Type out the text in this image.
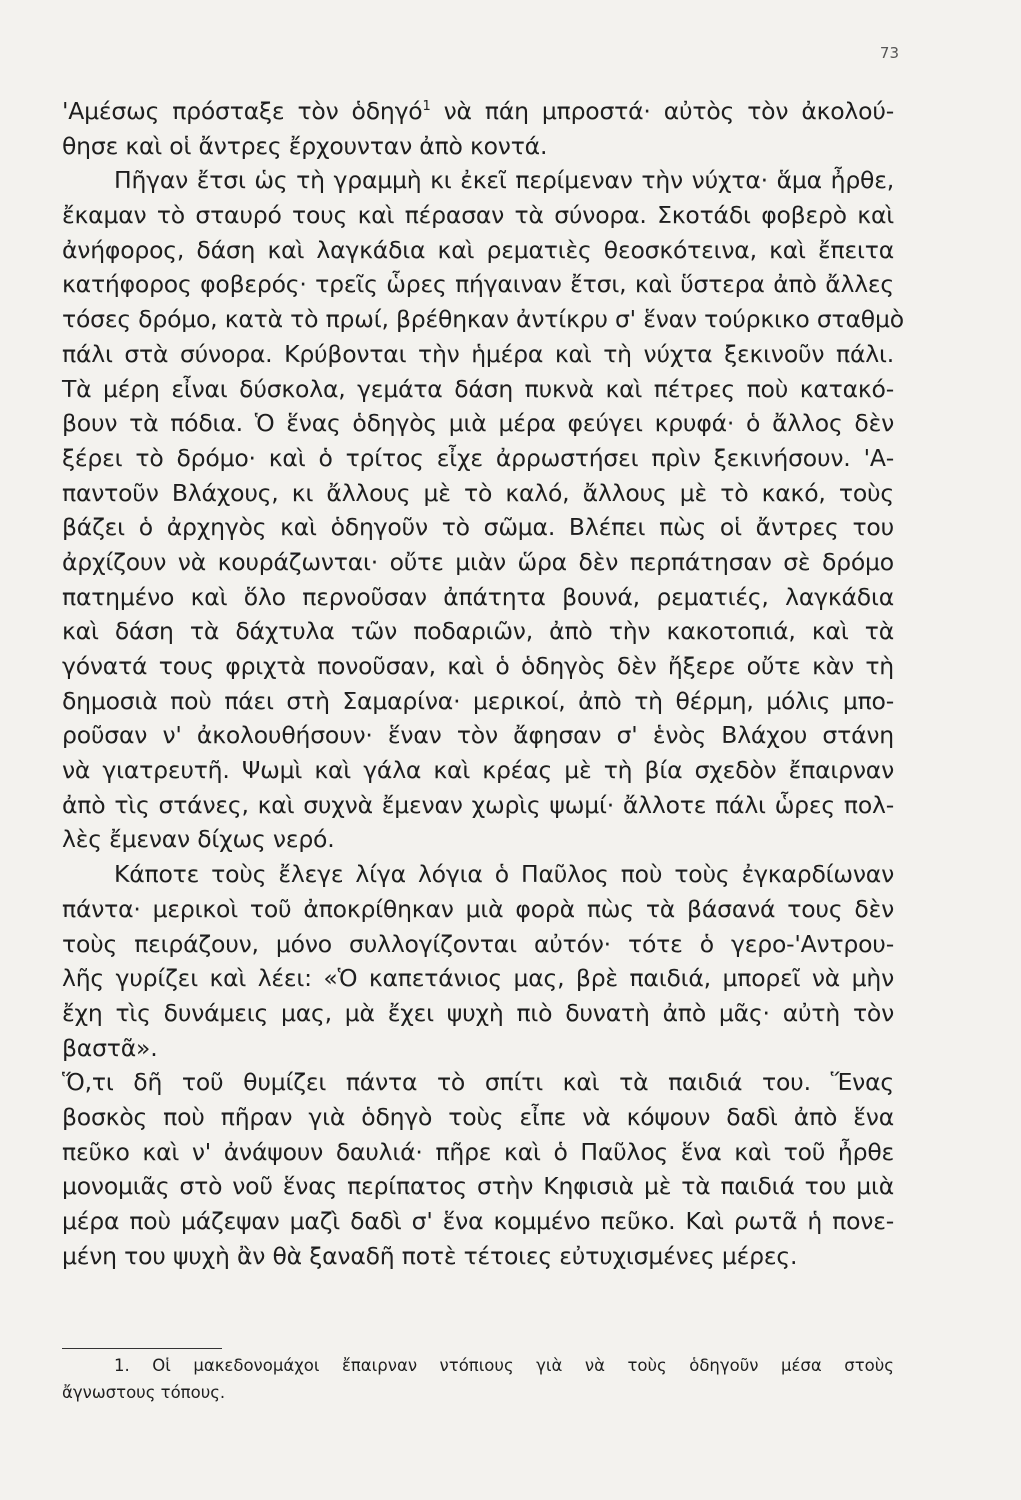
73
'Αμέσως πρόσταξε τὸν ὁδηγό$^1$ νὰ πάη μπροστά· αὐτὸς τὸν ἀκολού-
θησε καὶ οἱ ἄντρες ἔρχουνταν ἀπὸ κοντά.
Πῆγαν ἔτσι ὡς τὴ γραμμὴ κι ἐκεῖ περίμεναν τὴν νύχτα· ἅμα ἦρθε,
ἔκαμαν τὸ σταυρό τους καὶ πέρασαν τὰ σύνορα. Σκοτάδι φοβερὸ καὶ
ἀνήφορος, δάση καὶ λαγκάδια καὶ ρεματιὲς θεοσκότεινα, καὶ ἔπειτα
κατήφορος φοβερός· τρεῖς ὧρες πήγαιναν ἔτσι, καὶ ὕστερα ἀπὸ ἄλλες
τόσες δρόμο, κατὰ τὸ πρωί, βρέθηκαν ἀντίκρυ σ' ἕναν τούρκικο σταθμὸ
πάλι στὰ σύνορα. Κρύβονται τὴν ἡμέρα καὶ τὴ νύχτα ξεκινοῦν πάλι.
Τὰ μέρη εἶναι δύσκολα, γεμάτα δάση πυκνὰ καὶ πέτρες ποὺ κατακό-
βουν τὰ πόδια. Ὁ ἕνας ὁδηγὸς μιὰ μέρα φεύγει κρυφά· ὁ ἄλλος δὲν
ξέρει τὸ δρόμο· καὶ ὁ τρίτος εἶχε ἀρρωστήσει πρὶν ξεκινήσουν. 'Α-
παντοῦν Βλάχους, κι ἄλλους μὲ τὸ καλό, ἄλλους μὲ τὸ κακό, τοὺς
βάζει ὁ ἀρχηγὸς καὶ ὁδηγοῦν τὸ σῶμα. Βλέπει πὼς οἱ ἄντρες του
ἀρχίζουν νὰ κουράζωνται· οὔτε μιὰν ὥρα δὲν περπάτησαν σὲ δρόμο
πατημένο καὶ ὅλο περνοῦσαν ἀπάτητα βουνά, ρεματιές, λαγκάδια
καὶ δάση τὰ δάχτυλα τῶν ποδαριῶν, ἀπὸ τὴν κακοτοπιά, καὶ τὰ
γόνατά τους φριχτὰ πονοῦσαν, καὶ ὁ ὁδηγὸς δὲν ἤξερε οὔτε κὰν τὴ
δημοσιὰ ποὺ πάει στὴ Σαμαρίνα· μερικοί, ἀπὸ τὴ θέρμη, μόλις μπο-
ροῦσαν ν' ἀκολουθήσουν· ἕναν τὸν ἄφησαν σ' ἑνὸς Βλάχου στάνη
νὰ γιατρευτῆ. Ψωμὶ καὶ γάλα καὶ κρέας μὲ τὴ βία σχεδὸν ἔπαιρναν
ἀπὸ τὶς στάνες, καὶ συχνὰ ἔμεναν χωρὶς ψωμί· ἄλλοτε πάλι ὧρες πολ-
λὲς ἔμεναν δίχως νερό.
Κάποτε τοὺς ἔλεγε λίγα λόγια ὁ Παῦλος ποὺ τοὺς ἐγκαρδίωναν
πάντα· μερικοὶ τοῦ ἀποκρίθηκαν μιὰ φορὰ πὼς τὰ βάσανά τους δὲν
τοὺς πειράζουν, μόνο συλλογίζονται αὐτόν· τότε ὁ γερο-'Αντρου-
λῆς γυρίζει καὶ λέει: «Ὁ καπετάνιος μας, βρὲ παιδιά, μπορεῖ νὰ μὴν
ἔχη τὶς δυνάμεις μας, μὰ ἔχει ψυχὴ πιὸ δυνατὴ ἀπὸ μᾶς· αὐτὴ τὸν
βαστᾶ».
Ὅ,τι δῆ τοῦ θυμίζει πάντα τὸ σπίτι καὶ τὰ παιδιά του. Ἕνας
βοσκὸς ποὺ πῆραν γιὰ ὁδηγὸ τοὺς εἶπε νὰ κόψουν δαδὶ ἀπὸ ἕνα
πεῦκο καὶ ν' ἀνάψουν δαυλιά· πῆρε καὶ ὁ Παῦλος ἕνα καὶ τοῦ ἦρθε
μονομιᾶς στὸ νοῦ ἕνας περίπατος στὴν Κηφισιὰ μὲ τὰ παιδιά του μιὰ
μέρα ποὺ μάζεψαν μαζὶ δαδὶ σ' ἕνα κομμένο πεῦκο. Καὶ ρωτᾶ ἡ πονε-
μένη του ψυχὴ ἂν θὰ ξαναδῆ ποτὲ τέτοιες εὐτυχισμένες μέρες.
1. Οἱ μακεδονομάχοι ἔπαιρναν ντόπιους γιὰ νὰ τοὺς ὁδηγοῦν μέσα στοὺς
ἄγνωστους τόπους.
